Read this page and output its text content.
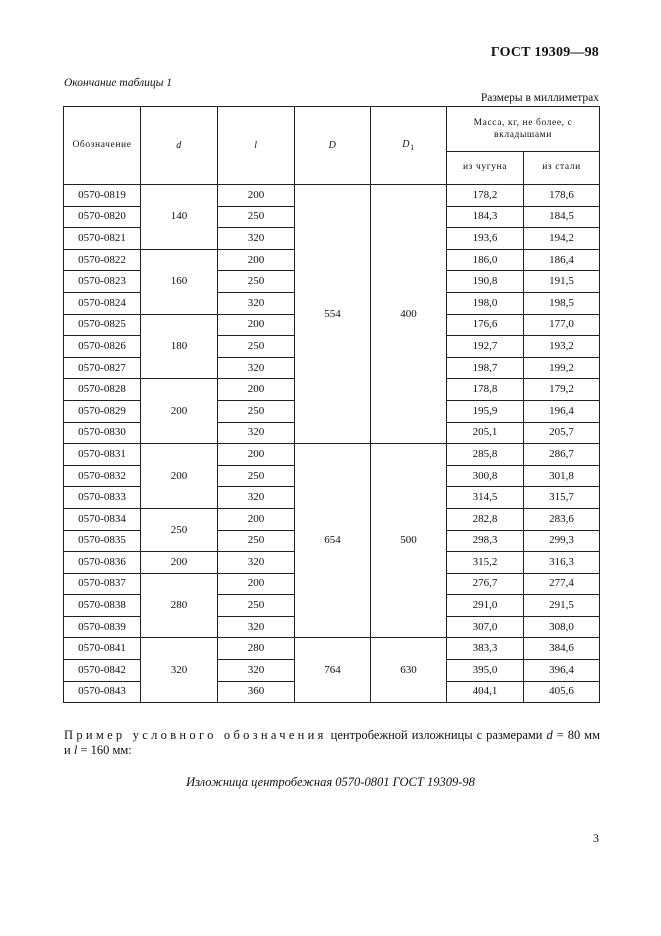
ГОСТ 19309—98
Окончание таблицы 1
Размеры в миллиметрах
Обозначение	d	l	D	$D_1$	Масса, кг, не более, с вкладышами	
					из чугуна	из стали
0570-0819	140	200	554	400	178,2	178,6
0570-0820		250			184,3	184,5
0570-0821		320			193,6	194,2
0570-0822	160	200			186,0	186,4
0570-0823		250			190,8	191,5
0570-0824		320			198,0	198,5
0570-0825	180	200			176,6	177,0
0570-0826		250			192,7	193,2
0570-0827		320			198,7	199,2
0570-0828	200	200			178,8	179,2
0570-0829		250			195,9	196,4
0570-0830		320			205,1	205,7
0570-0831	200	200	654	500	285,8	286,7
0570-0832		250			300,8	301,8
0570-0833		320			314,5	315,7
0570-0834	250	200			282,8	283,6
0570-0835		250			298,3	299,3
0570-0836	200	320			315,2	316,3
0570-0837	280	200			276,7	277,4
0570-0838		250			291,0	291,5
0570-0839		320			307,0	308,0
0570-0841	320	280	764	630	383,3	384,6
0570-0842		320			395,0	396,4
0570-0843		360			404,1	405,6
Пример условного обозначения центробежной изложницы с размерами d = 80 мм и l = 160 мм:
Изложница центробежная 0570-0801 ГОСТ 19309-98
3
